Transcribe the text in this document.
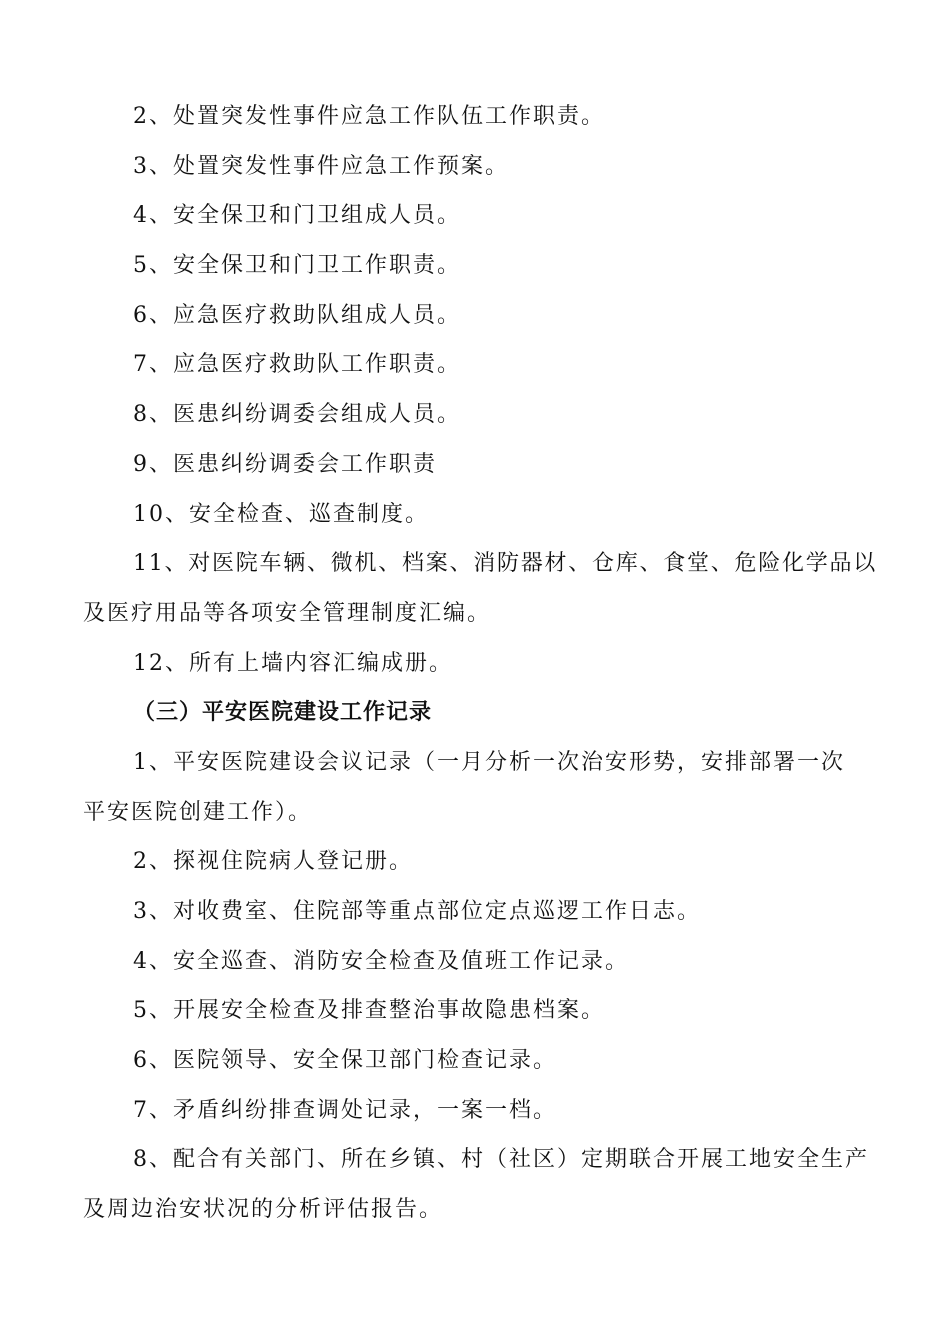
2、处置突发性事件应急工作队伍工作职责。
3、处置突发性事件应急工作预案。
4、安全保卫和门卫组成人员。
5、安全保卫和门卫工作职责。
6、应急医疗救助队组成人员。
7、应急医疗救助队工作职责。
8、医患纠纷调委会组成人员。
9、医患纠纷调委会工作职责
10、安全检查、巡查制度。
11、对医院车辆、微机、档案、消防器材、仓库、食堂、危险化学品以
及医疗用品等各项安全管理制度汇编。
12、所有上墙内容汇编成册。
（三）平安医院建设工作记录
1、平安医院建设会议记录（一月分析一次治安形势，安排部署一次
平安医院创建工作）。
2、探视住院病人登记册。
3、对收费室、住院部等重点部位定点巡逻工作日志。
4、安全巡查、消防安全检查及值班工作记录。
5、开展安全检查及排查整治事故隐患档案。
6、医院领导、安全保卫部门检查记录。
7、矛盾纠纷排查调处记录，一案一档。
8、配合有关部门、所在乡镇、村（社区）定期联合开展工地安全生产
及周边治安状况的分析评估报告。
